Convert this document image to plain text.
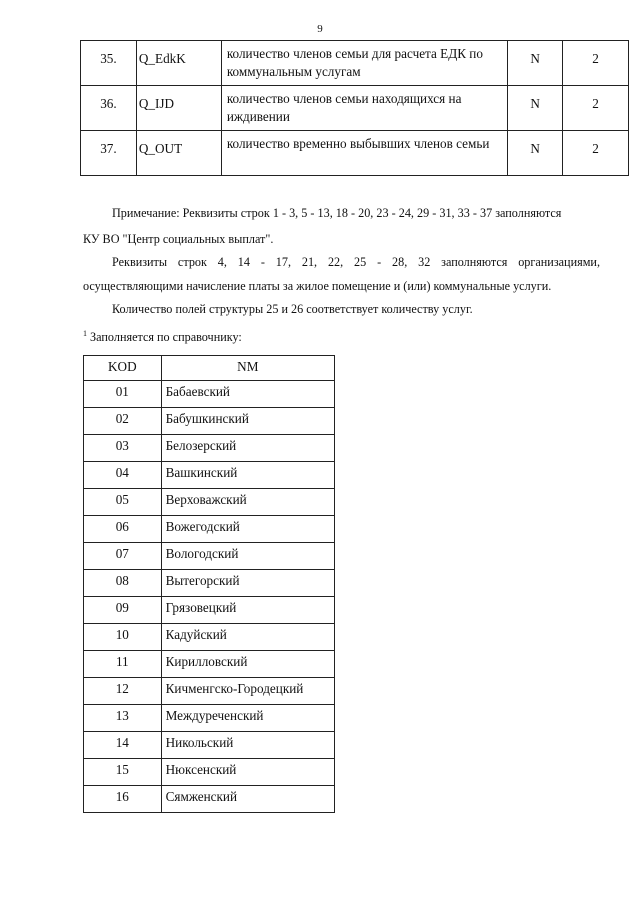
9
35.	Q_EdkK	количество членов семьи для расчета ЕДК по коммунальным услугам	N	2
36.	Q_IJD	количество членов семьи находящихся на иждивении	N	2
37.	Q_OUT	количество временно выбывших членов семьи	N	2
Примечание: Реквизиты строк 1 - 3, 5 - 13, 18 - 20, 23 - 24, 29 - 31, 33 - 37 заполняются
КУ ВО "Центр социальных выплат".
Реквизиты строк 4, 14 - 17, 21, 22, 25 - 28, 32 заполняются организациями,
осуществляющими начисление платы за жилое помещение и (или) коммунальные услуги.
Количество полей структуры 25 и 26 соответствует количеству услуг.
$^1$ Заполняется по справочнику:
KOD	NM
01	Бабаевский
02	Бабушкинский
03	Белозерский
04	Вашкинский
05	Верховажский
06	Вожегодский
07	Вологодский
08	Вытегорский
09	Грязовецкий
10	Кадуйский
11	Кирилловский
12	Кичменгско-Городецкий
13	Междуреченский
14	Никольский
15	Нюксенский
16	Сямженский
